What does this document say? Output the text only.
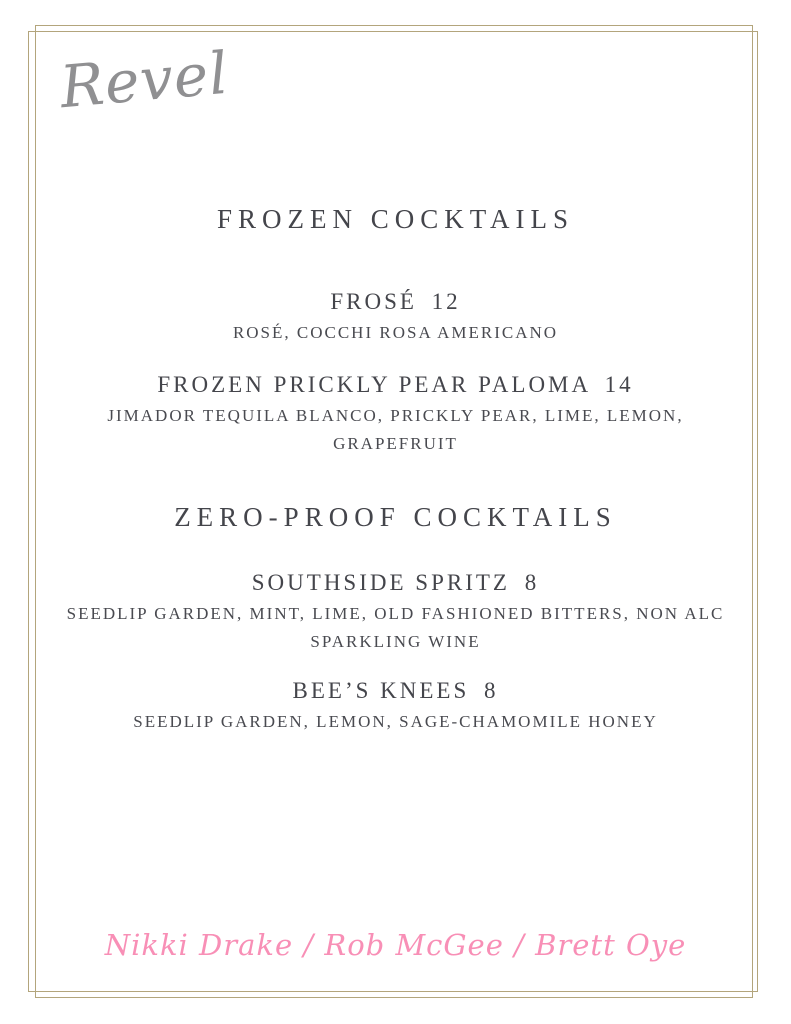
Revel
FROZEN COCKTAILS
FROSÉ 12
ROSÉ, COCCHI ROSA AMERICANO
FROZEN PRICKLY PEAR PALOMA 14
JIMADOR TEQUILA BLANCO, PRICKLY PEAR, LIME, LEMON, GRAPEFRUIT
ZERO-PROOF COCKTAILS
SOUTHSIDE SPRITZ 8
SEEDLIP GARDEN, MINT, LIME, OLD FASHIONED BITTERS, NON ALC SPARKLING WINE
BEE’S KNEES 8
SEEDLIP GARDEN, LEMON, SAGE-CHAMOMILE HONEY
Nikki Drake / Rob McGee / Brett Oye
